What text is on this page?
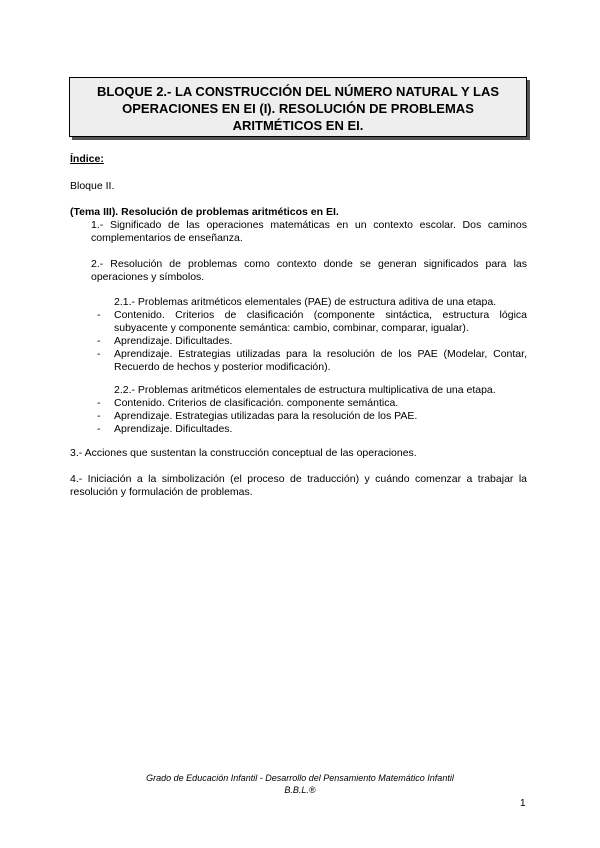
BLOQUE 2.- LA CONSTRUCCIÓN DEL NÚMERO NATURAL Y LAS
OPERACIONES EN EI (I). RESOLUCIÓN DE PROBLEMAS
ARITMÉTICOS EN EI.
Índice:
Bloque II.
(Tema III). Resolución de problemas aritméticos en EI.
1.- Significado de las operaciones matemáticas en un contexto escolar. Dos caminos
complementarios de enseñanza.
2.- Resolución de problemas como contexto donde se generan significados para las
operaciones y símbolos.
2.1.- Problemas aritméticos elementales (PAE) de estructura aditiva de una etapa.
- Contenido. Criterios de clasificación (componente sintáctica, estructura lógica
subyacente y componente semántica: cambio, combinar, comparar, igualar).
- Aprendizaje. Dificultades.
- Aprendizaje. Estrategias utilizadas para la resolución de los PAE (Modelar, Contar,
Recuerdo de hechos y posterior modificación).
2.2.- Problemas aritméticos elementales de estructura multiplicativa de una etapa.
- Contenido. Criterios de clasificación. componente semántica.
- Aprendizaje. Estrategias utilizadas para la resolución de los PAE.
- Aprendizaje. Dificultades.
3.- Acciones que sustentan la construcción conceptual de las operaciones.
4.- Iniciación a la simbolización (el proceso de traducción) y cuándo comenzar a trabajar la
resolución y formulación de problemas.
Grado de Educación Infantil - Desarrollo del Pensamiento Matemático Infantil
B.B.L.®
1
